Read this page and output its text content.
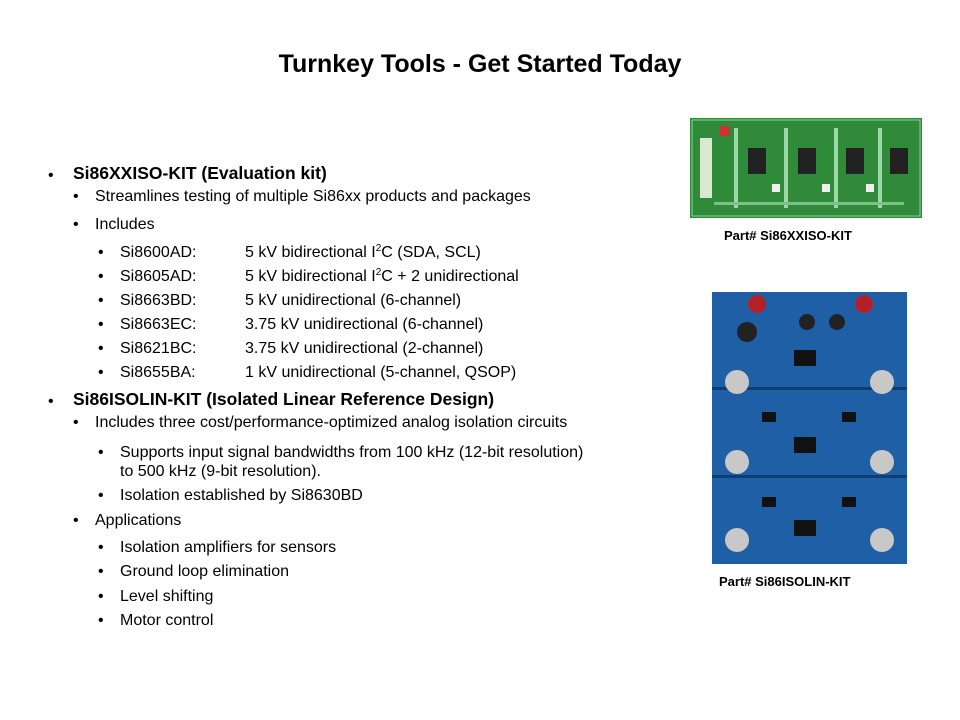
Turnkey Tools - Get Started Today
• Si86XXISO-KIT (Evaluation kit)
• Streamlines testing of multiple Si86xx products and packages
• Includes
• Si8600AD:	5 kV bidirectional $I^2C$ (SDA, SCL)
• Si8605AD:	5 kV bidirectional $I^2C + 2$ unidirectional
• Si8663BD:	5 kV unidirectional (6-channel)
• Si8663EC:	3.75 kV unidirectional (6-channel)
• Si8621BC:	3.75 kV unidirectional (2-channel)
• Si8655BA:	1 kV unidirectional (5-channel, QSOP)
• Si86ISOLIN-KIT (Isolated Linear Reference Design)
• Includes three cost/performance-optimized analog isolation circuits
• Supports input signal bandwidths from 100 kHz (12-bit resolution)
to 500 kHz (9-bit resolution).
• Isolation established by Si8630BD
• Applications
• Isolation amplifiers for sensors
• Ground loop elimination
• Level shifting
• Motor control
Part# Si86XXISO-KIT
Part# Si86ISOLIN-KIT
